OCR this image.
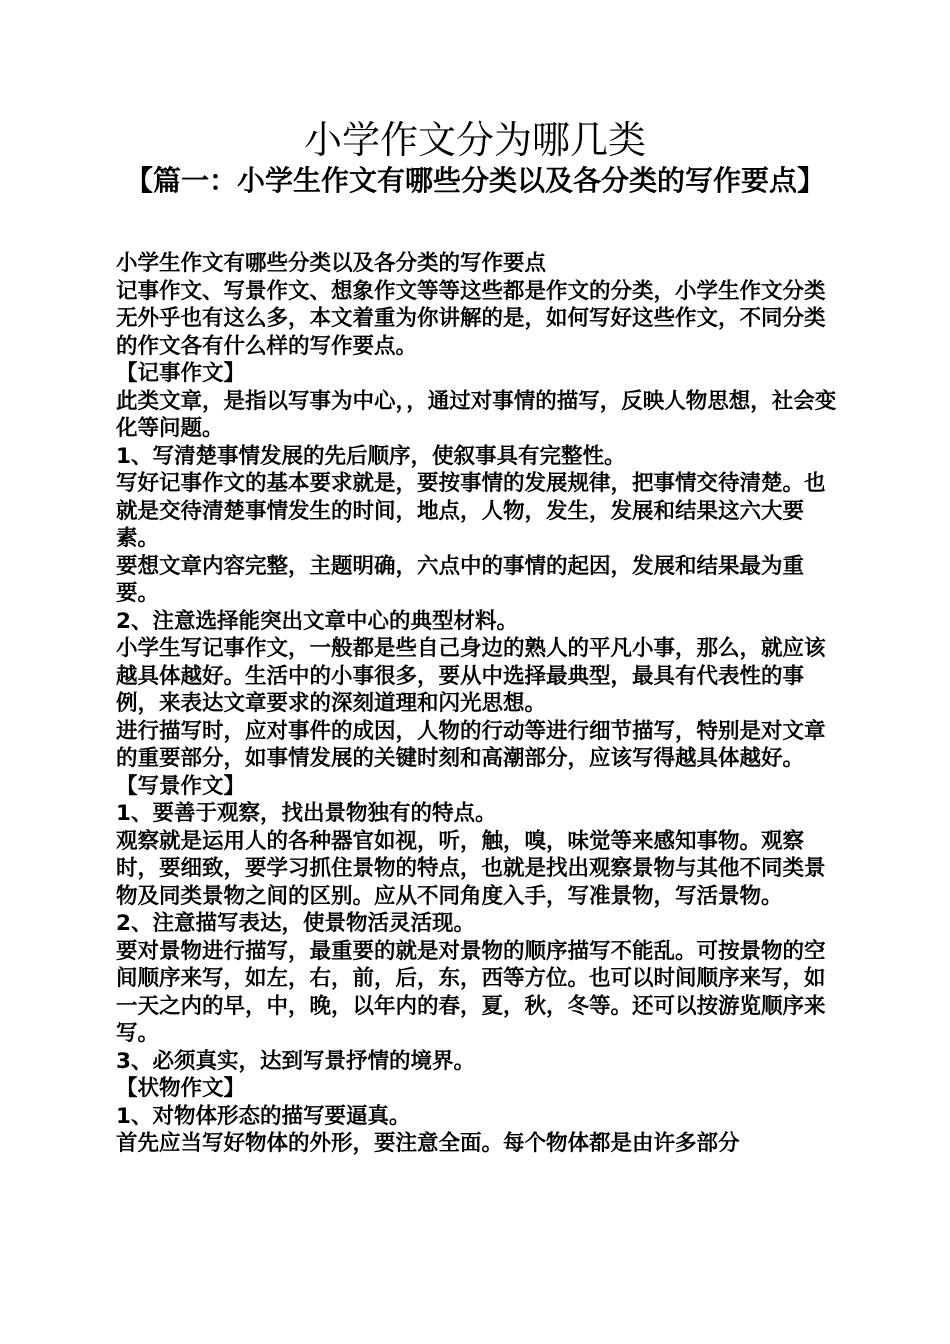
小学作文分为哪几类
【篇一：小学生作文有哪些分类以及各分类的写作要点】

小学生作文有哪些分类以及各分类的写作要点

记事作文、写景作文、想象作文等等这些都是作文的分类，小学生作文分类无外乎也有这么多，本文着重为你讲解的是，如何写好这些作文，不同分类的作文各有什么样的写作要点。

【记事作文】

此类文章，是指以写事为中心，，通过对事情的描写，反映人物思想，社会变化等问题。

1、写清楚事情发展的先后顺序，使叙事具有完整性。

写好记事作文的基本要求就是，要按事情的发展规律，把事情交待清楚。也就是交待清楚事情发生的时间，地点，人物，发生，发展和结果这六大要素。

要想文章内容完整，主题明确，六点中的事情的起因，发展和结果最为重要。

2、注意选择能突出文章中心的典型材料。

小学生写记事作文，一般都是些自己身边的熟人的平凡小事，那么，就应该越具体越好。生活中的小事很多，要从中选择最典型，最具有代表性的事例，来表达文章要求的深刻道理和闪光思想。

进行描写时，应对事件的成因，人物的行动等进行细节描写，特别是对文章的重要部分，如事情发展的关键时刻和高潮部分，应该写得越具体越好。

【写景作文】

1、要善于观察，找出景物独有的特点。

观察就是运用人的各种器官如视，听，触，嗅，味觉等来感知事物。观察时，要细致，要学习抓住景物的特点，也就是找出观察景物与其他不同类景物及同类景物之间的区别。应从不同角度入手，写准景物，写活景物。

2、注意描写表达，使景物活灵活现。

要对景物进行描写，最重要的就是对景物的顺序描写不能乱。可按景物的空间顺序来写，如左，右，前，后，东，西等方位。也可以时间顺序来写，如一天之内的早，中，晚，以年内的春，夏，秋，冬等。还可以按游览顺序来写。

3、必须真实，达到写景抒情的境界。

【状物作文】

1、对物体形态的描写要逼真。

首先应当写好物体的外形，要注意全面。每个物体都是由许多部分
